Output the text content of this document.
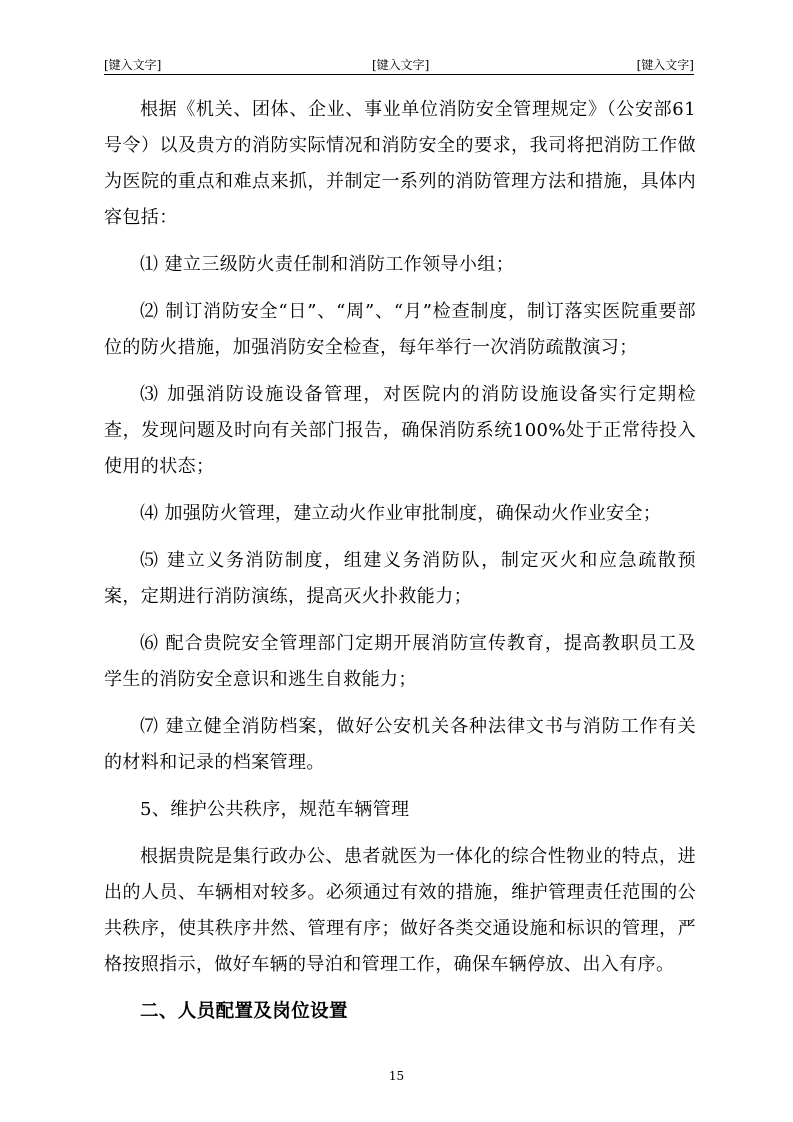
[键入文字]	[键入文字]	[键入文字]

根据《机关、团体、企业、事业单位消防安全管理规定》（公安部61号令）以及贵方的消防实际情况和消防安全的要求，我司将把消防工作做为医院的重点和难点来抓，并制定一系列的消防管理方法和措施，具体内容包括：

⑴ 建立三级防火责任制和消防工作领导小组；

⑵ 制订消防安全“日”、“周”、“月”检查制度，制订落实医院重要部位的防火措施，加强消防安全检查，每年举行一次消防疏散演习；

⑶ 加强消防设施设备管理，对医院内的消防设施设备实行定期检查，发现问题及时向有关部门报告，确保消防系统100%处于正常待投入使用的状态；

⑷ 加强防火管理，建立动火作业审批制度，确保动火作业安全；

⑸ 建立义务消防制度，组建义务消防队，制定灭火和应急疏散预案，定期进行消防演练，提高灭火扑救能力；

⑹ 配合贵院安全管理部门定期开展消防宣传教育，提高教职员工及学生的消防安全意识和逃生自救能力；

⑺ 建立健全消防档案，做好公安机关各种法律文书与消防工作有关的材料和记录的档案管理。

5、维护公共秩序，规范车辆管理

根据贵院是集行政办公、患者就医为一体化的综合性物业的特点，进出的人员、车辆相对较多。必须通过有效的措施，维护管理责任范围的公共秩序，使其秩序井然、管理有序；做好各类交通设施和标识的管理，严格按照指示，做好车辆的导泊和管理工作，确保车辆停放、出入有序。

二、人员配置及岗位设置

15
